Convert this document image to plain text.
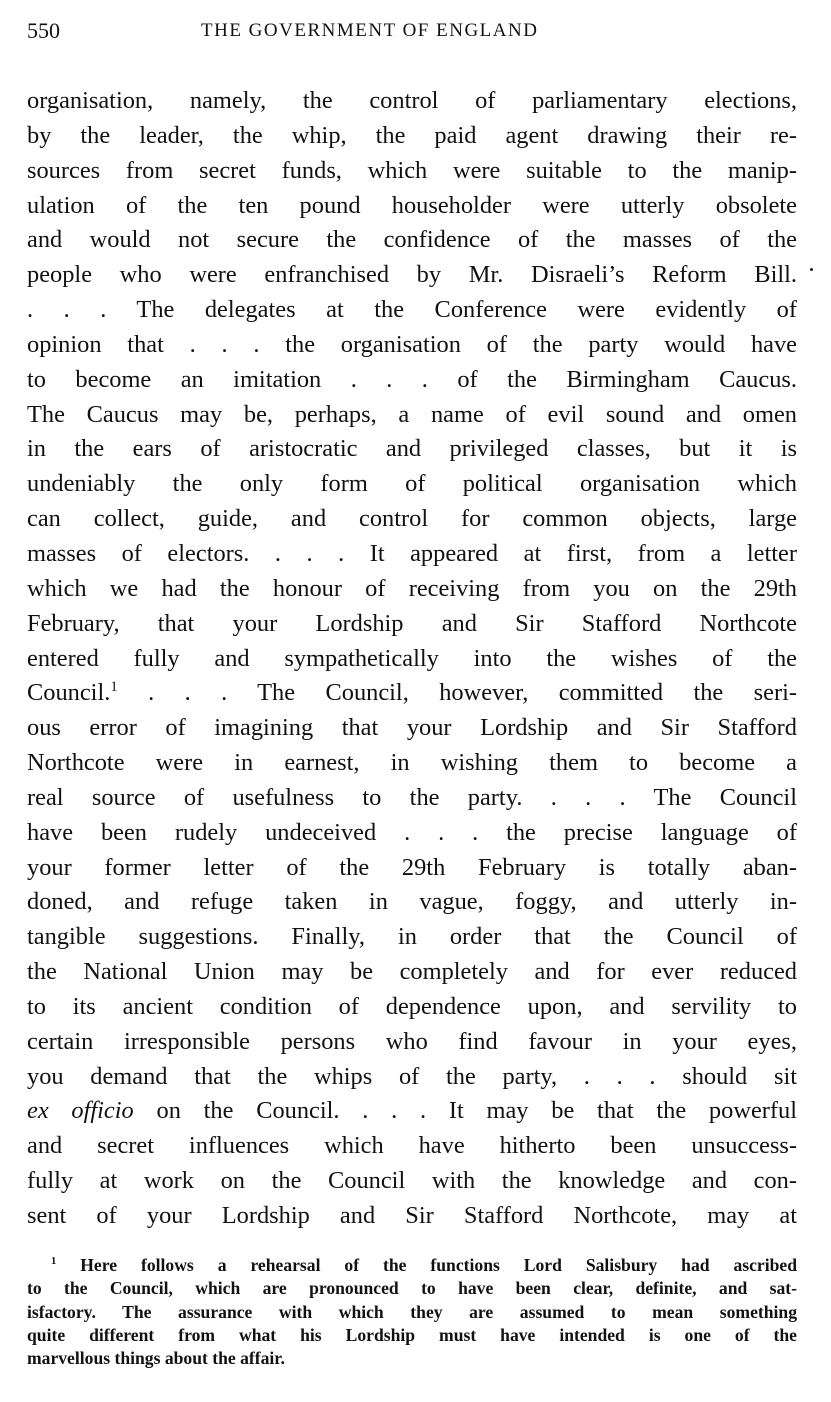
550	THE GOVERNMENT OF ENGLAND
organisation, namely, the control of parliamentary elections,
by the leader, the whip, the paid agent drawing their re-
sources from secret funds, which were suitable to the manip-
ulation of the ten pound householder were utterly obsolete
and would not secure the confidence of the masses of the
people who were enfranchised by Mr. Disraeli’s Reform Bill.
. . . The delegates at the Conference were evidently of
opinion that . . . the organisation of the party would have
to become an imitation . . . of the Birmingham Caucus.
The Caucus may be, perhaps, a name of evil sound and omen
in the ears of aristocratic and privileged classes, but it is
undeniably the only form of political organisation which
can collect, guide, and control for common objects, large
masses of electors. . . . It appeared at first, from a letter
which we had the honour of receiving from you on the 29th
February, that your Lordship and Sir Stafford Northcote
entered fully and sympathetically into the wishes of the
Council.$^1$ . . . The Council, however, committed the seri-
ous error of imagining that your Lordship and Sir Stafford
Northcote were in earnest, in wishing them to become a
real source of usefulness to the party. . . . The Council
have been rudely undeceived . . . the precise language of
your former letter of the 29th February is totally aban-
doned, and refuge taken in vague, foggy, and utterly in-
tangible suggestions. Finally, in order that the Council of
the National Union may be completely and for ever reduced
to its ancient condition of dependence upon, and servility to
certain irresponsible persons who find favour in your eyes,
you demand that the whips of the party, . . . should sit
ex officio on the Council. . . . It may be that the powerful
and secret influences which have hitherto been unsuccess-
fully at work on the Council with the knowledge and con-
sent of your Lordship and Sir Stafford Northcote, may at
$^1$ Here follows a rehearsal of the functions Lord Salisbury had ascribed
to the Council, which are pronounced to have been clear, definite, and sat-
isfactory. The assurance with which they are assumed to mean something
quite different from what his Lordship must have intended is one of the
marvellous things about the affair.
